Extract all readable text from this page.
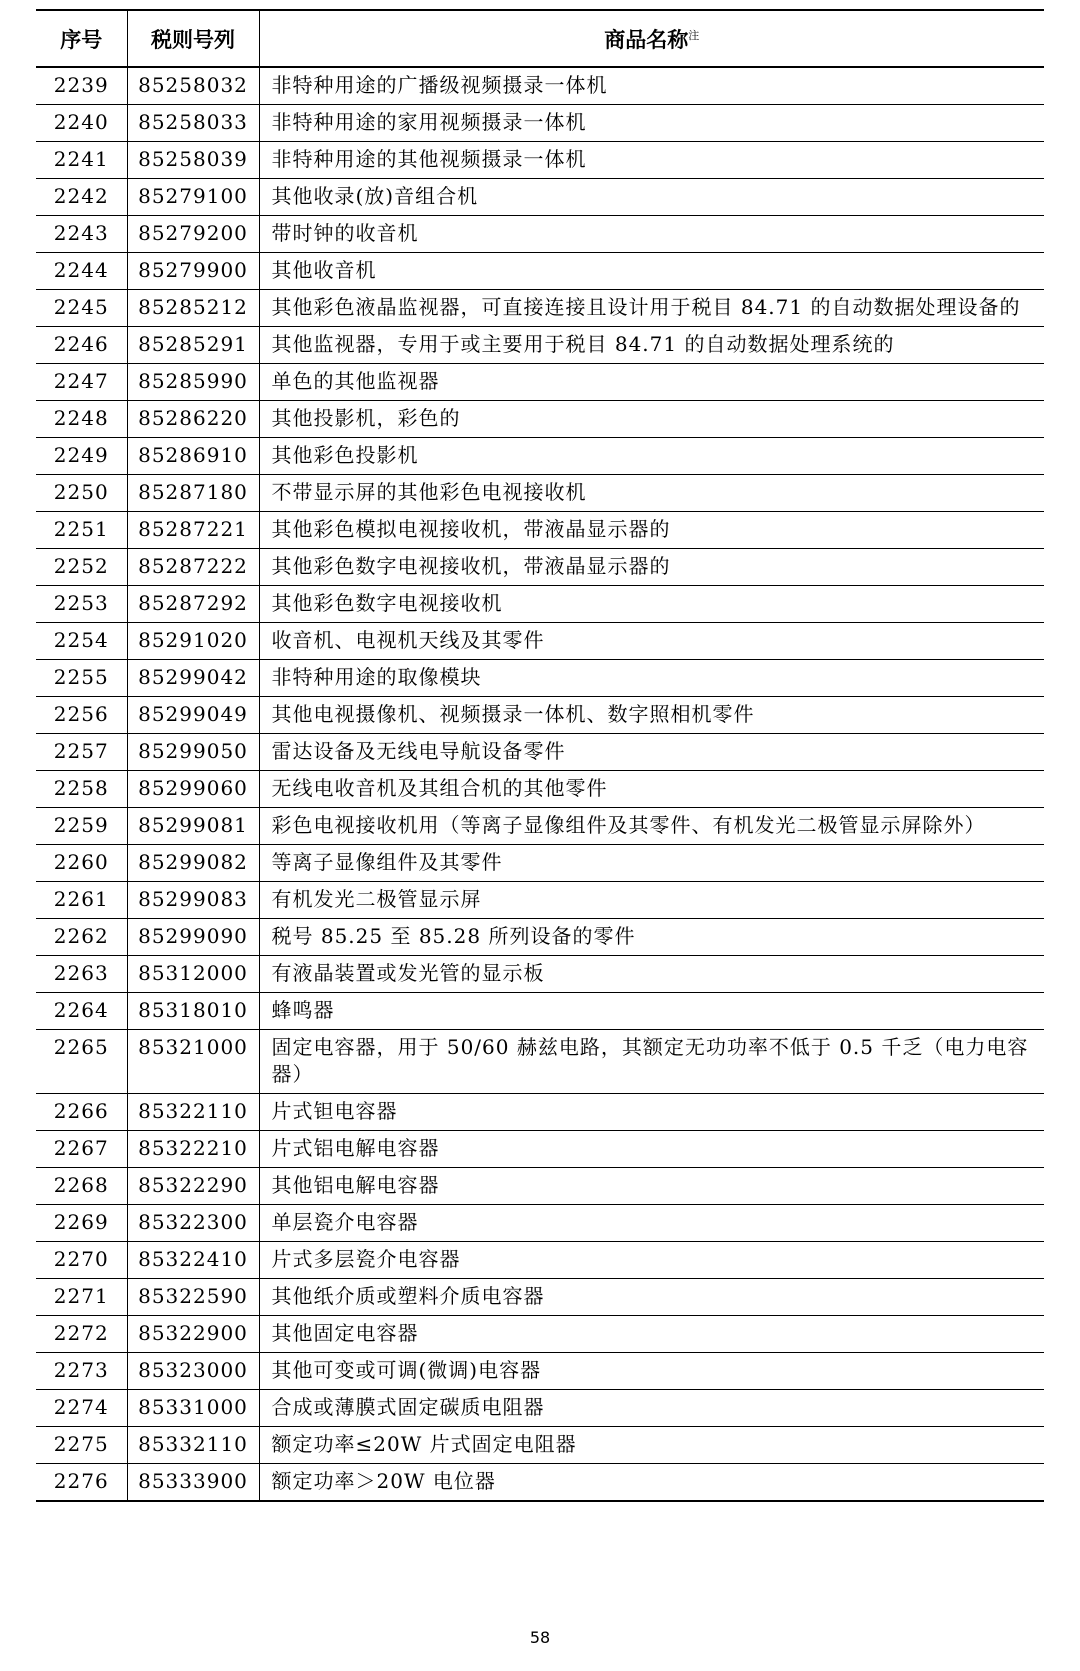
序号	税则号列	商品名称$^注$
2239	85258032	非特种用途的广播级视频摄录一体机
2240	85258033	非特种用途的家用视频摄录一体机
2241	85258039	非特种用途的其他视频摄录一体机
2242	85279100	其他收录(放)音组合机
2243	85279200	带时钟的收音机
2244	85279900	其他收音机
2245	85285212	其他彩色液晶监视器，可直接连接且设计用于税目 84.71 的自动数据处理设备的
2246	85285291	其他监视器，专用于或主要用于税目 84.71 的自动数据处理系统的
2247	85285990	单色的其他监视器
2248	85286220	其他投影机，彩色的
2249	85286910	其他彩色投影机
2250	85287180	不带显示屏的其他彩色电视接收机
2251	85287221	其他彩色模拟电视接收机，带液晶显示器的
2252	85287222	其他彩色数字电视接收机，带液晶显示器的
2253	85287292	其他彩色数字电视接收机
2254	85291020	收音机、电视机天线及其零件
2255	85299042	非特种用途的取像模块
2256	85299049	其他电视摄像机、视频摄录一体机、数字照相机零件
2257	85299050	雷达设备及无线电导航设备零件
2258	85299060	无线电收音机及其组合机的其他零件
2259	85299081	彩色电视接收机用（等离子显像组件及其零件、有机发光二极管显示屏除外）
2260	85299082	等离子显像组件及其零件
2261	85299083	有机发光二极管显示屏
2262	85299090	税号 85.25 至 85.28 所列设备的零件
2263	85312000	有液晶装置或发光管的显示板
2264	85318010	蜂鸣器
2265	85321000	固定电容器，用于 50/60 赫兹电路，其额定无功功率不低于 0.5 千乏（电力电容器）
2266	85322110	片式钽电容器
2267	85322210	片式铝电解电容器
2268	85322290	其他铝电解电容器
2269	85322300	单层瓷介电容器
2270	85322410	片式多层瓷介电容器
2271	85322590	其他纸介质或塑料介质电容器
2272	85322900	其他固定电容器
2273	85323000	其他可变或可调(微调)电容器
2274	85331000	合成或薄膜式固定碳质电阻器
2275	85332110	额定功率≤20W 片式固定电阻器
2276	85333900	额定功率＞20W 电位器
58
